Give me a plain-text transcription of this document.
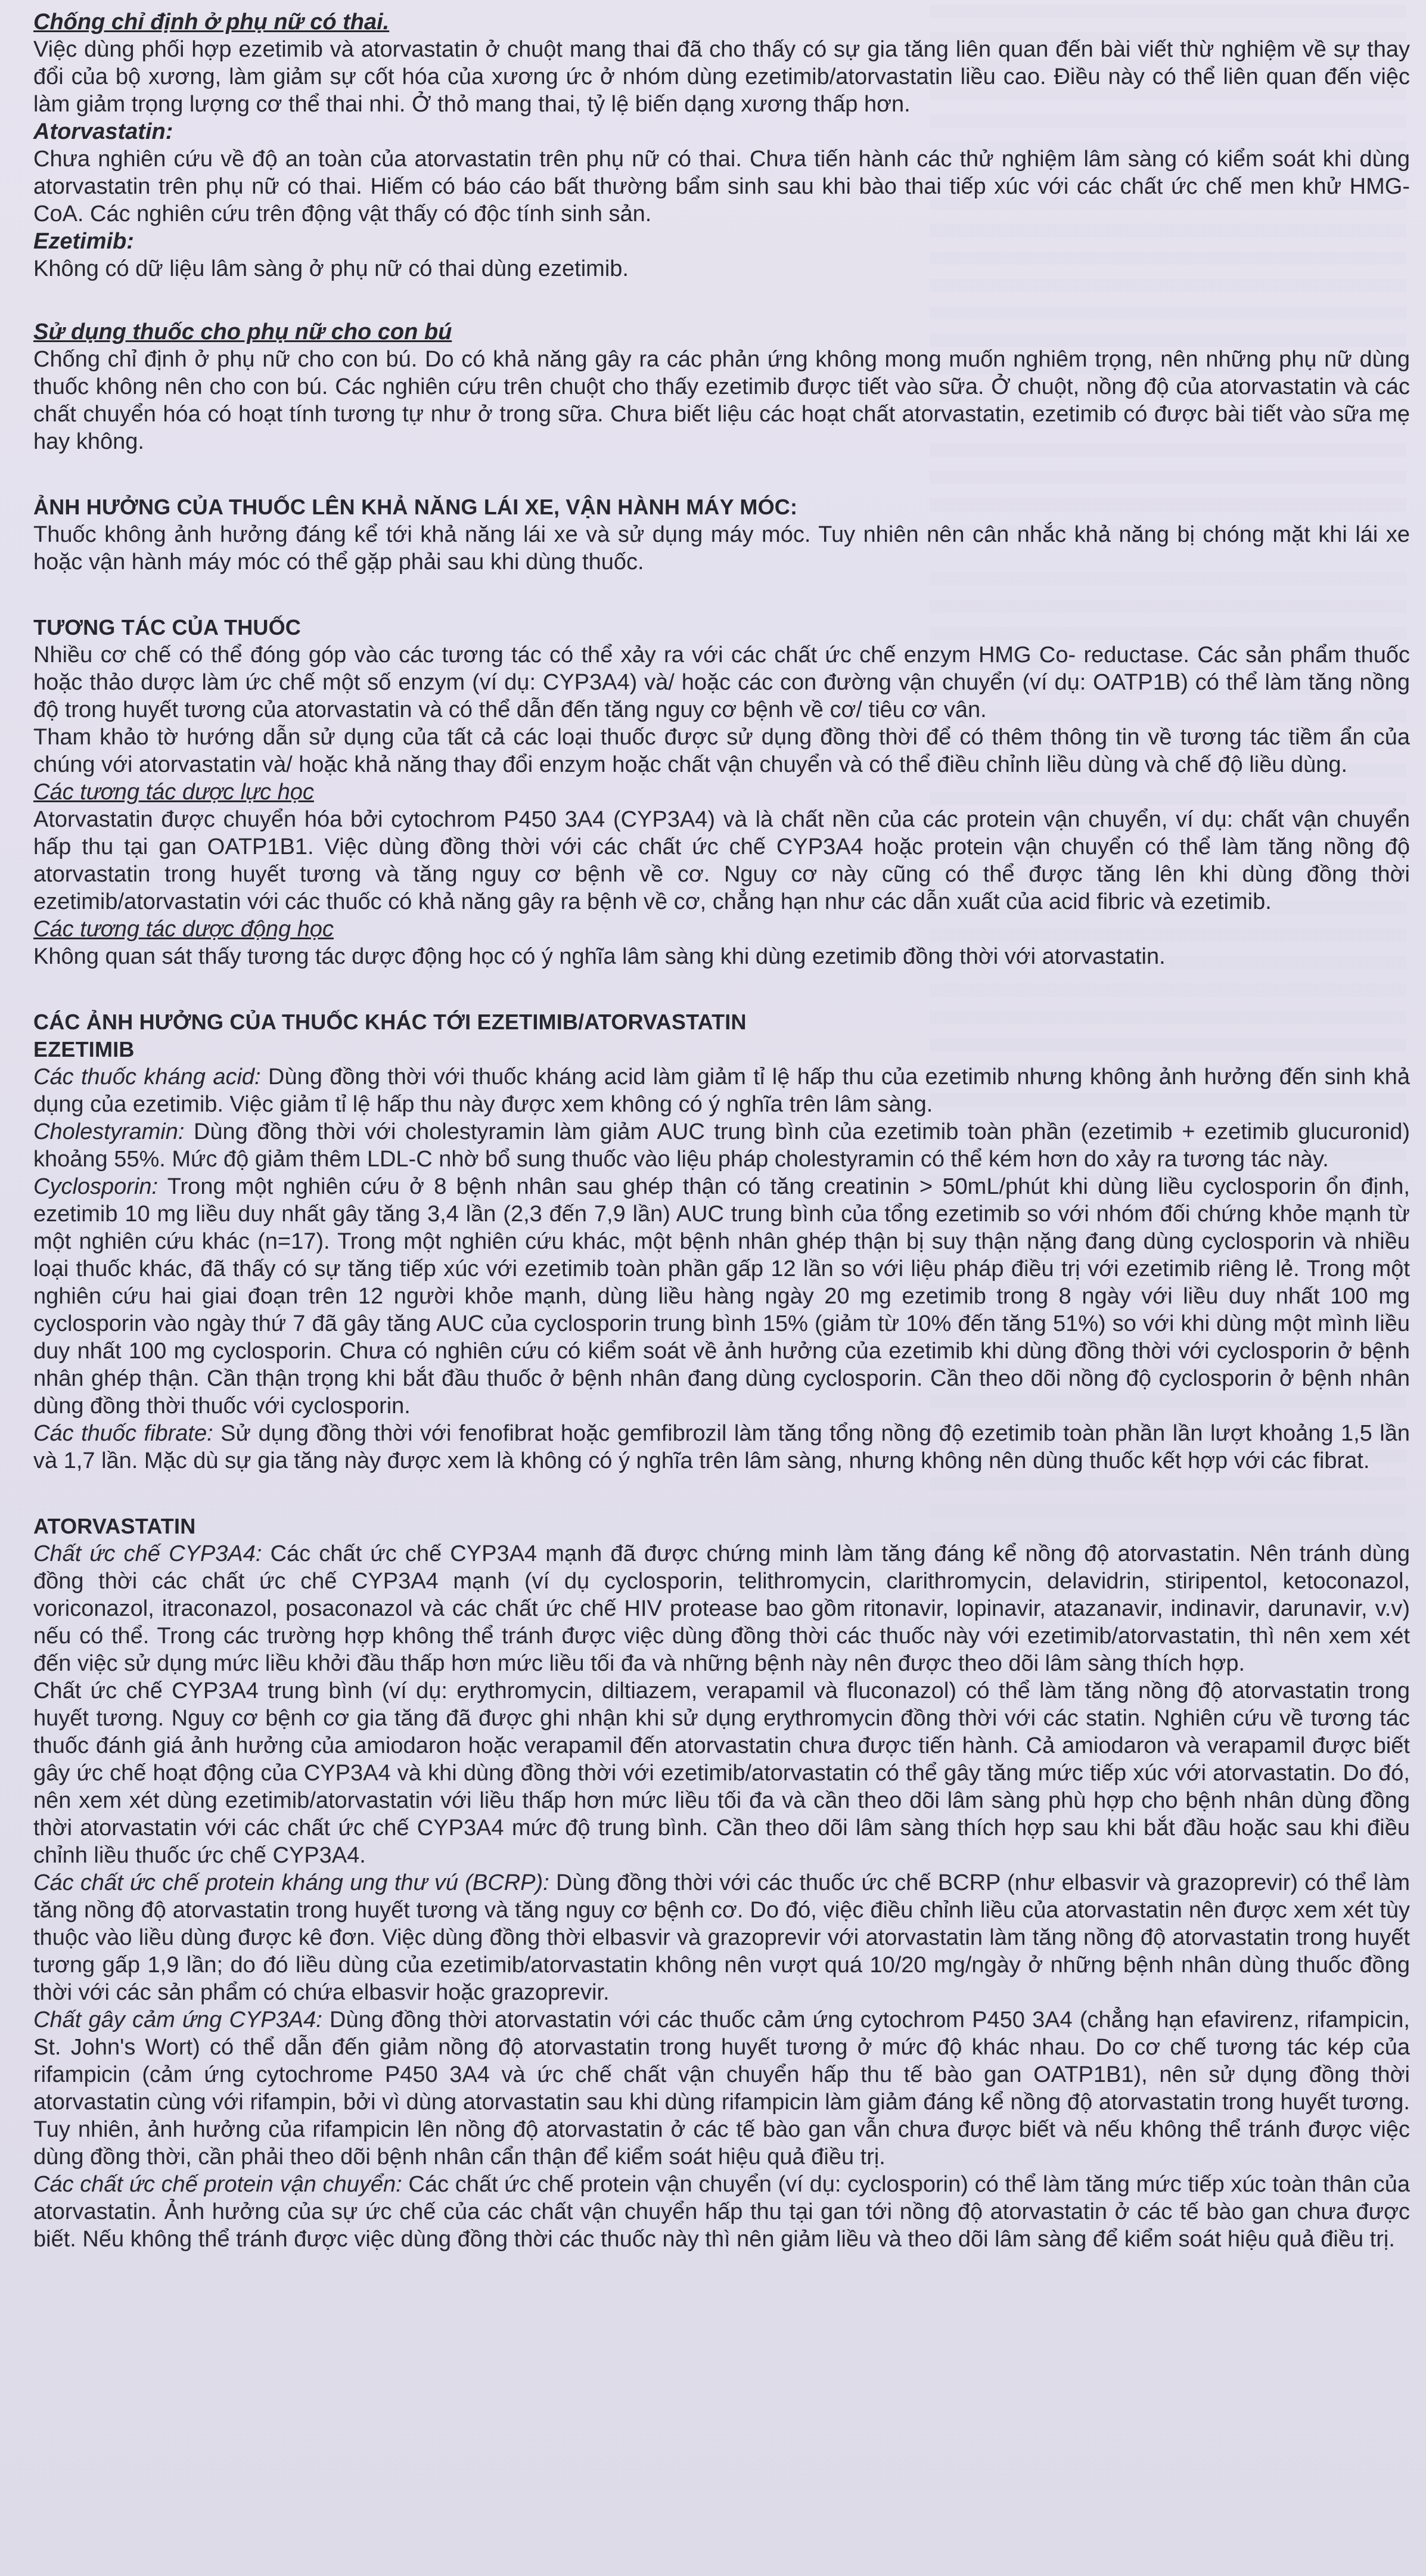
Chống chỉ định ở phụ nữ có thai.

Việc dùng phối hợp ezetimib và atorvastatin ở chuột mang thai đã cho thấy có sự gia tăng liên quan đến bài viết thừ nghiệm về sự thay đổi của bộ xương, làm giảm sự cốt hóa của xương ức ở nhóm dùng ezetimib/atorvastatin liều cao. Điều này có thể liên quan đến việc làm giảm trọng lượng cơ thể thai nhi. Ở thỏ mang thai, tỷ lệ biến dạng xương thấp hơn.

Atorvastatin:

Chưa nghiên cứu về độ an toàn của atorvastatin trên phụ nữ có thai. Chưa tiến hành các thử nghiệm lâm sàng có kiểm soát khi dùng atorvastatin trên phụ nữ có thai. Hiếm có báo cáo bất thường bẩm sinh sau khi bào thai tiếp xúc với các chất ức chế men khử HMG-CoA. Các nghiên cứu trên động vật thấy có độc tính sinh sản.

Ezetimib:

Không có dữ liệu lâm sàng ở phụ nữ có thai dùng ezetimib.

Sử dụng thuốc cho phụ nữ cho con bú

Chống chỉ định ở phụ nữ cho con bú. Do có khả năng gây ra các phản ứng không mong muốn nghiêm trọng, nên những phụ nữ dùng thuốc không nên cho con bú. Các nghiên cứu trên chuột cho thấy ezetimib được tiết vào sữa. Ở chuột, nồng độ của atorvastatin và các chất chuyển hóa có hoạt tính tương tự như ở trong sữa. Chưa biết liệu các hoạt chất atorvastatin, ezetimib có được bài tiết vào sữa mẹ hay không.

ẢNH HƯỞNG CỦA THUỐC LÊN KHẢ NĂNG LÁI XE, VẬN HÀNH MÁY MÓC:

Thuốc không ảnh hưởng đáng kể tới khả năng lái xe và sử dụng máy móc. Tuy nhiên nên cân nhắc khả năng bị chóng mặt khi lái xe hoặc vận hành máy móc có thể gặp phải sau khi dùng thuốc.

TƯƠNG TÁC CỦA THUỐC

Nhiều cơ chế có thể đóng góp vào các tương tác có thể xảy ra với các chất ức chế enzym HMG Co- reductase. Các sản phẩm thuốc hoặc thảo dược làm ức chế một số enzym (ví dụ: CYP3A4) và/ hoặc các con đường vận chuyển (ví dụ: OATP1B) có thể làm tăng nồng độ trong huyết tương của atorvastatin và có thể dẫn đến tăng nguy cơ bệnh về cơ/ tiêu cơ vân.

Tham khảo tờ hướng dẫn sử dụng của tất cả các loại thuốc được sử dụng đồng thời để có thêm thông tin về tương tác tiềm ẩn của chúng với atorvastatin và/ hoặc khả năng thay đổi enzym hoặc chất vận chuyển và có thể điều chỉnh liều dùng và chế độ liều dùng.

Các tương tác dược lực học

Atorvastatin được chuyển hóa bởi cytochrom P450 3A4 (CYP3A4) và là chất nền của các protein vận chuyển, ví dụ: chất vận chuyển hấp thu tại gan OATP1B1. Việc dùng đồng thời với các chất ức chế CYP3A4 hoặc protein vận chuyển có thể làm tăng nồng độ atorvastatin trong huyết tương và tăng nguy cơ bệnh về cơ. Nguy cơ này cũng có thể được tăng lên khi dùng đồng thời ezetimib/atorvastatin với các thuốc có khả năng gây ra bệnh về cơ, chẳng hạn như các dẫn xuất của acid fibric và ezetimib.

Các tương tác dược động học

Không quan sát thấy tương tác dược động học có ý nghĩa lâm sàng khi dùng ezetimib đồng thời với atorvastatin.

CÁC ẢNH HƯỞNG CỦA THUỐC KHÁC TỚI EZETIMIB/ATORVASTATIN
EZETIMIB

Các thuốc kháng acid: Dùng đồng thời với thuốc kháng acid làm giảm tỉ lệ hấp thu của ezetimib nhưng không ảnh hưởng đến sinh khả dụng của ezetimib. Việc giảm tỉ lệ hấp thu này được xem không có ý nghĩa trên lâm sàng.

Cholestyramin: Dùng đồng thời với cholestyramin làm giảm AUC trung bình của ezetimib toàn phần (ezetimib + ezetimib glucuronid) khoảng 55%. Mức độ giảm thêm LDL-C nhờ bổ sung thuốc vào liệu pháp cholestyramin có thể kém hơn do xảy ra tương tác này.

Cyclosporin: Trong một nghiên cứu ở 8 bệnh nhân sau ghép thận có tăng creatinin > 50mL/phút khi dùng liều cyclosporin ổn định, ezetimib 10 mg liều duy nhất gây tăng 3,4 lần (2,3 đến 7,9 lần) AUC trung bình của tổng ezetimib so với nhóm đối chứng khỏe mạnh từ một nghiên cứu khác (n=17). Trong một nghiên cứu khác, một bệnh nhân ghép thận bị suy thận nặng đang dùng cyclosporin và nhiều loại thuốc khác, đã thấy có sự tăng tiếp xúc với ezetimib toàn phần gấp 12 lần so với liệu pháp điều trị với ezetimib riêng lẻ. Trong một nghiên cứu hai giai đoạn trên 12 người khỏe mạnh, dùng liều hàng ngày 20 mg ezetimib trong 8 ngày với liều duy nhất 100 mg cyclosporin vào ngày thứ 7 đã gây tăng AUC của cyclosporin trung bình 15% (giảm từ 10% đến tăng 51%) so với khi dùng một mình liều duy nhất 100 mg cyclosporin. Chưa có nghiên cứu có kiểm soát về ảnh hưởng của ezetimib khi dùng đồng thời với cyclosporin ở bệnh nhân ghép thận. Cần thận trọng khi bắt đầu thuốc ở bệnh nhân đang dùng cyclosporin. Cần theo dõi nồng độ cyclosporin ở bệnh nhân dùng đồng thời thuốc với cyclosporin.

Các thuốc fibrate: Sử dụng đồng thời với fenofibrat hoặc gemfibrozil làm tăng tổng nồng độ ezetimib toàn phần lần lượt khoảng 1,5 lần và 1,7 lần. Mặc dù sự gia tăng này được xem là không có ý nghĩa trên lâm sàng, nhưng không nên dùng thuốc kết hợp với các fibrat.

ATORVASTATIN

Chất ức chế CYP3A4: Các chất ức chế CYP3A4 mạnh đã được chứng minh làm tăng đáng kể nồng độ atorvastatin. Nên tránh dùng đồng thời các chất ức chế CYP3A4 mạnh (ví dụ cyclosporin, telithromycin, clarithromycin, delavidrin, stiripentol, ketoconazol, voriconazol, itraconazol, posaconazol và các chất ức chế HIV protease bao gồm ritonavir, lopinavir, atazanavir, indinavir, darunavir, v.v) nếu có thể. Trong các trường hợp không thể tránh được việc dùng đồng thời các thuốc này với ezetimib/atorvastatin, thì nên xem xét đến việc sử dụng mức liều khởi đầu thấp hơn mức liều tối đa và những bệnh này nên được theo dõi lâm sàng thích hợp.

Chất ức chế CYP3A4 trung bình (ví dụ: erythromycin, diltiazem, verapamil và fluconazol) có thể làm tăng nồng độ atorvastatin trong huyết tương. Nguy cơ bệnh cơ gia tăng đã được ghi nhận khi sử dụng erythromycin đồng thời với các statin. Nghiên cứu về tương tác thuốc đánh giá ảnh hưởng của amiodaron hoặc verapamil đến atorvastatin chưa được tiến hành. Cả amiodaron và verapamil được biết gây ức chế hoạt động của CYP3A4 và khi dùng đồng thời với ezetimib/atorvastatin có thể gây tăng mức tiếp xúc với atorvastatin. Do đó, nên xem xét dùng ezetimib/atorvastatin với liều thấp hơn mức liều tối đa và cần theo dõi lâm sàng phù hợp cho bệnh nhân dùng đồng thời atorvastatin với các chất ức chế CYP3A4 mức độ trung bình. Cần theo dõi lâm sàng thích hợp sau khi bắt đầu hoặc sau khi điều chỉnh liều thuốc ức chế CYP3A4.

Các chất ức chế protein kháng ung thư vú (BCRP): Dùng đồng thời với các thuốc ức chế BCRP (như elbasvir và grazoprevir) có thể làm tăng nồng độ atorvastatin trong huyết tương và tăng nguy cơ bệnh cơ. Do đó, việc điều chỉnh liều của atorvastatin nên được xem xét tùy thuộc vào liều dùng được kê đơn. Việc dùng đồng thời elbasvir và grazoprevir với atorvastatin làm tăng nồng độ atorvastatin trong huyết tương gấp 1,9 lần; do đó liều dùng của ezetimib/atorvastatin không nên vượt quá 10/20 mg/ngày ở những bệnh nhân dùng thuốc đồng thời với các sản phẩm có chứa elbasvir hoặc grazoprevir.

Chất gây cảm ứng CYP3A4: Dùng đồng thời atorvastatin với các thuốc cảm ứng cytochrom P450 3A4 (chẳng hạn efavirenz, rifampicin, St. John's Wort) có thể dẫn đến giảm nồng độ atorvastatin trong huyết tương ở mức độ khác nhau. Do cơ chế tương tác kép của rifampicin (cảm ứng cytochrome P450 3A4 và ức chế chất vận chuyển hấp thu tế bào gan OATP1B1), nên sử dụng đồng thời atorvastatin cùng với rifampin, bởi vì dùng atorvastatin sau khi dùng rifampicin làm giảm đáng kể nồng độ atorvastatin trong huyết tương. Tuy nhiên, ảnh hưởng của rifampicin lên nồng độ atorvastatin ở các tế bào gan vẫn chưa được biết và nếu không thể tránh được việc dùng đồng thời, cần phải theo dõi bệnh nhân cẩn thận để kiểm soát hiệu quả điều trị.

Các chất ức chế protein vận chuyển: Các chất ức chế protein vận chuyển (ví dụ: cyclosporin) có thể làm tăng mức tiếp xúc toàn thân của atorvastatin. Ảnh hưởng của sự ức chế của các chất vận chuyển hấp thu tại gan tới nồng độ atorvastatin ở các tế bào gan chưa được biết. Nếu không thể tránh được việc dùng đồng thời các thuốc này thì nên giảm liều và theo dõi lâm sàng để kiểm soát hiệu quả điều trị.
